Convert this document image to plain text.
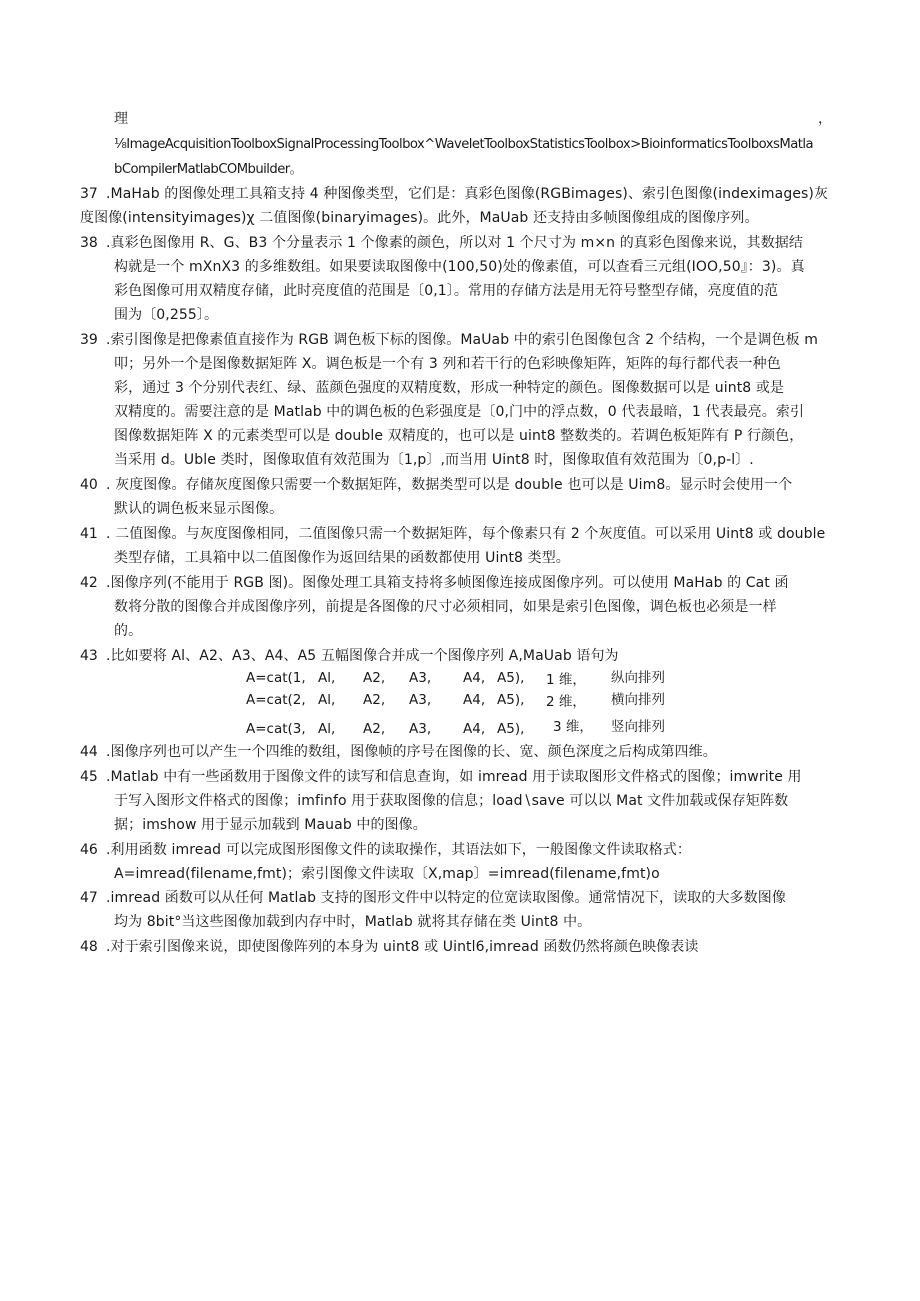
理	，
⅛ImageAcquisitionToolboxSignalProcessingToolbox^WaveletToolboxStatisticsToolbox>BioinformaticsToolboxsMatla
bCompilerMatlabCOMbuilder。
37 .MaHab 的图像处理工具箱支持 4 种图像类型，它们是：真彩色图像(RGBimages)、索引色图像(indeximages)灰
度图像(intensityimages)χ 二值图像(binaryimages)。此外，MaUab 还支持由多帧图像组成的图像序列。
38 .真彩色图像用 R、G、B3 个分量表示 1 个像素的颜色，所以对 1 个尺寸为 m×n 的真彩色图像来说，其数据结
构就是一个 mXnX3 的多维数组。如果要读取图像中(100,50)处的像素值，可以查看三元组(IOO,50』：3)。真
彩色图像可用双精度存储，此时亮度值的范围是〔0,1〕。常用的存储方法是用无符号整型存储，亮度值的范
围为〔0,255〕。
39 .索引图像是把像素值直接作为 RGB 调色板下标的图像。MaUab 中的索引色图像包含 2 个结构，一个是调色板 m
叩；另外一个是图像数据矩阵 X。调色板是一个有 3 列和若干行的色彩映像矩阵，矩阵的每行都代表一种色
彩，通过 3 个分别代表红、绿、蓝颜色强度的双精度数，形成一种特定的颜色。图像数据可以是 uint8 或是
双精度的。需要注意的是 Matlab 中的调色板的色彩强度是〔0,门中的浮点数，0 代表最暗，1 代表最亮。索引
图像数据矩阵 X 的元素类型可以是 double 双精度的，也可以是 uint8 整数类的。若调色板矩阵有 P 行颜色，
当采用 d。Uble 类时，图像取值有效范围为〔1,p〕,而当用 Uint8 时，图像取值有效范围为〔0,p-l〕.
40 . 灰度图像。存储灰度图像只需要一个数据矩阵，数据类型可以是 double 也可以是 Uim8。显示时会使用一个
默认的调色板来显示图像。
41 . 二值图像。与灰度图像相同，二值图像只需一个数据矩阵，每个像素只有 2 个灰度值。可以采用 Uint8 或 double
类型存储，工具箱中以二值图像作为返回结果的函数都使用 Uint8 类型。
42 .图像序列(不能用于 RGB 图)。图像处理工具箱支持将多帧图像连接成图像序列。可以使用 MaHab 的 Cat 函
数将分散的图像合并成图像序列，前提是各图像的尺寸必须相同，如果是索引色图像，调色板也必须是一样
的。
43 .比如要将 Al、A2、A3、A4、A5 五幅图像合并成一个图像序列 A,MaUab 语句为
A=cat(1, Al, A2, A3, A4, A5), 1 维， 纵向排列
A=cat(2, Al, A2, A3, A4, A5), 2 维， 横向排列
A=cat(3, Al, A2, A3, A4, A5), 3 维， 竖向排列
44 .图像序列也可以产生一个四维的数组，图像帧的序号在图像的长、宽、颜色深度之后构成第四维。
45 .Matlab 中有一些函数用于图像文件的读写和信息查询，如 imread 用于读取图形文件格式的图像；imwrite 用
于写入图形文件格式的图像；imfinfo 用于获取图像的信息；load∖save 可以以 Mat 文件加载或保存矩阵数
据；imshow 用于显示加载到 Mauab 中的图像。
46 .利用函数 imread 可以完成图形图像文件的读取操作，其语法如下，一般图像文件读取格式：
A=imread(filename,fmt)；索引图像文件读取〔X,map〕=imread(filename,fmt)o
47 .imread 函数可以从任何 Matlab 支持的图形文件中以特定的位宽读取图像。通常情况下，读取的大多数图像
均为 8bit°当这些图像加载到内存中时，Matlab 就将其存储在类 Uint8 中。
48 .对于索引图像来说，即使图像阵列的本身为 uint8 或 Uintl6,imread 函数仍然将颜色映像表读
